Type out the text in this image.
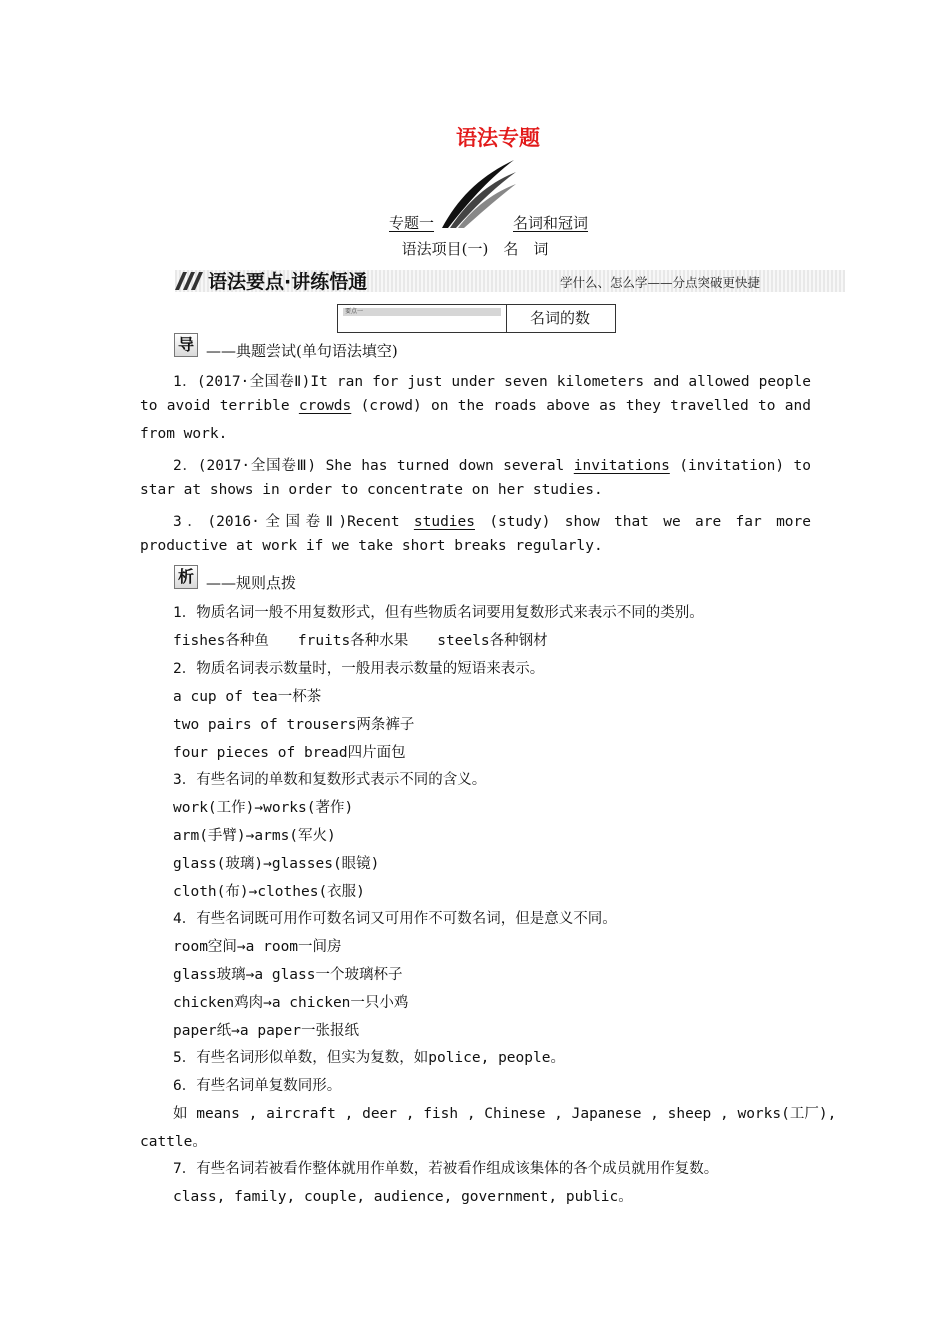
语法专题
专题一	名词和冠词
语法项目(一)　名　词
语法要点·讲练悟通	学什么、怎么学——分点突破更快捷
要点一	名词的数
导 ——典题尝试(单句语法填空)
1．(2017·全国卷Ⅱ)It ran for just under seven kilometers and allowed people
to avoid terrible crowds (crowd) on the roads above as they travelled to and
from work.
2．(2017·全国卷Ⅲ) She has turned down several invitations (invitation) to
star at shows in order to concentrate on her studies.
3．(2016·全国卷Ⅱ)Recent studies (study) show that we are far more
productive at work if we take short breaks regularly.
析 ——规则点拨
1．物质名词一般不用复数形式，但有些物质名词要用复数形式来表示不同的类别。
fishes各种鱼　　fruits各种水果　　steels各种钢材
2．物质名词表示数量时，一般用表示数量的短语来表示。
a cup of tea一杯茶
two pairs of trousers两条裤子
four pieces of bread四片面包
3．有些名词的单数和复数形式表示不同的含义。
work(工作)→works(著作)
arm(手臂)→arms(军火)
glass(玻璃)→glasses(眼镜)
cloth(布)→clothes(衣服)
4．有些名词既可用作可数名词又可用作不可数名词，但是意义不同。
room空间→a room一间房
glass玻璃→a glass一个玻璃杯子
chicken鸡肉→a chicken一只小鸡
paper纸→a paper一张报纸
5．有些名词形似单数，但实为复数，如police, people。
6．有些名词单复数同形。
如 means , aircraft , deer , fish , Chinese , Japanese , sheep , works(工厂),
cattle。
7．有些名词若被看作整体就用作单数，若被看作组成该集体的各个成员就用作复数。
class, family, couple, audience, government, public。
